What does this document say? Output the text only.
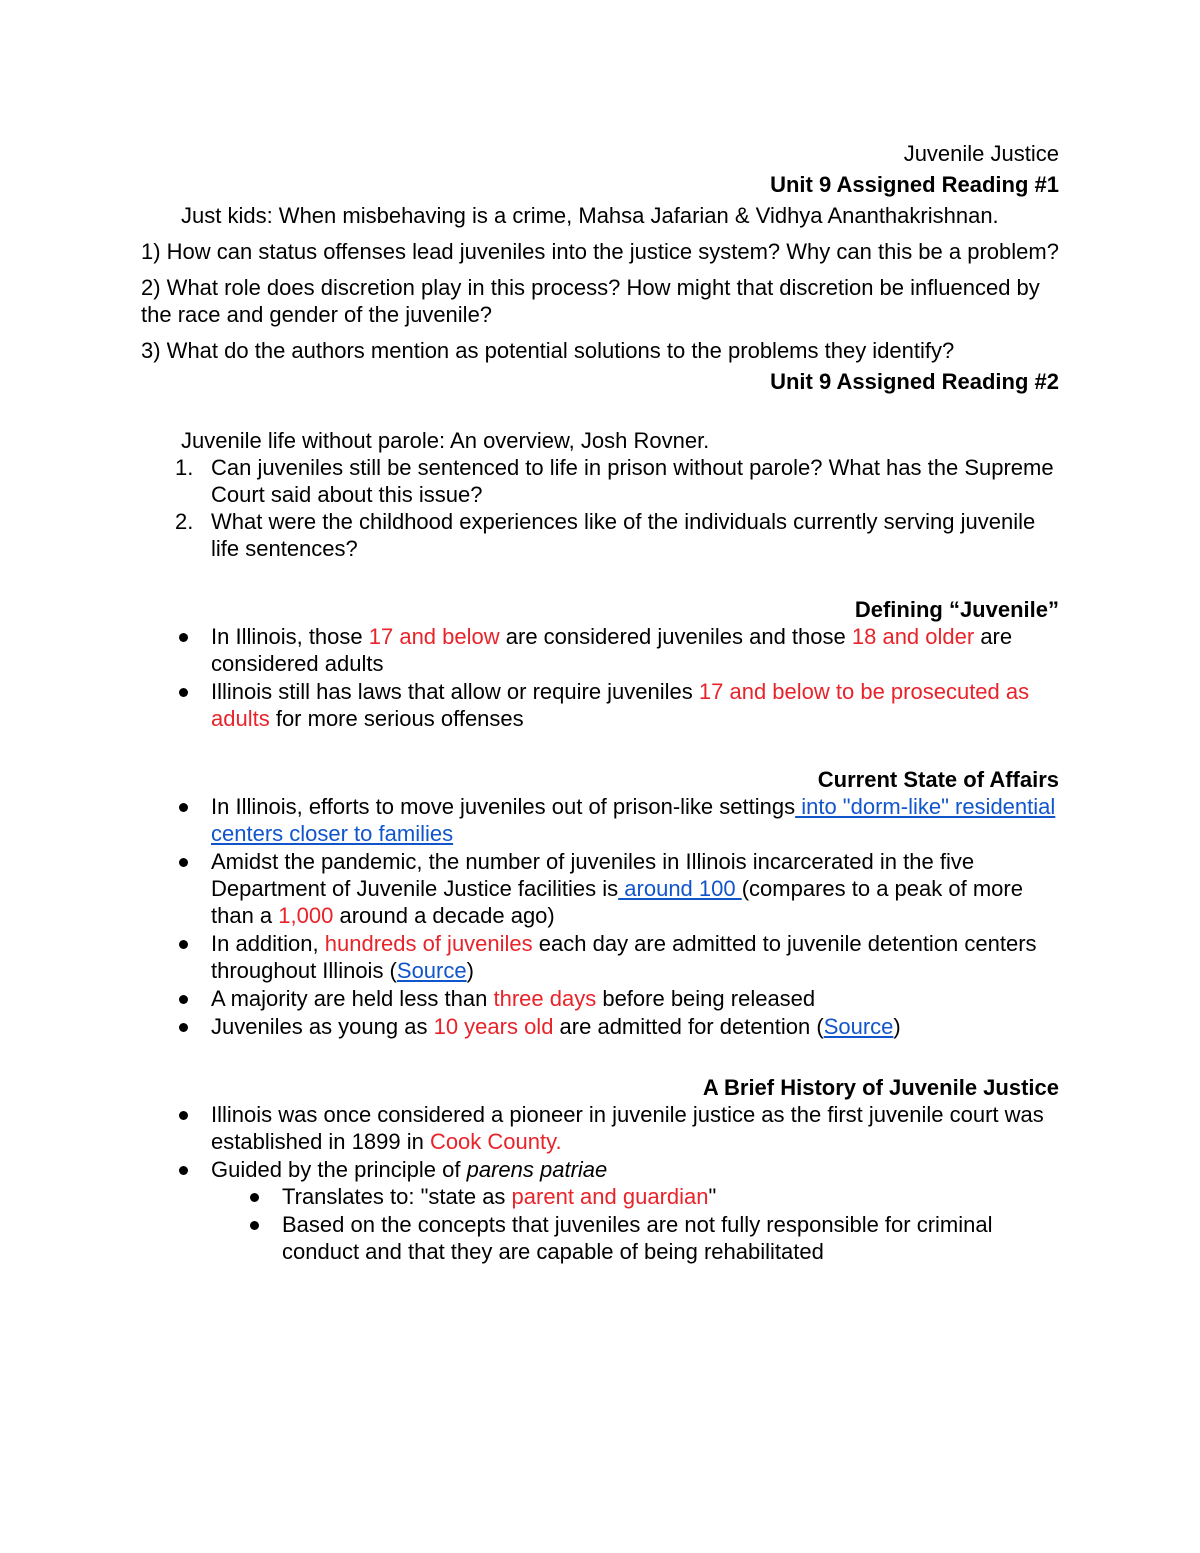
Juvenile Justice
Unit 9 Assigned Reading #1
Just kids: When misbehaving is a crime, Mahsa Jafarian & Vidhya Ananthakrishnan.
1) How can status offenses lead juveniles into the justice system? Why can this be a problem?
2) What role does discretion play in this process? How might that discretion be influenced by the race and gender of the juvenile?
3) What do the authors mention as potential solutions to the problems they identify?
Unit 9 Assigned Reading #2
Juvenile life without parole: An overview, Josh Rovner.
1. Can juveniles still be sentenced to life in prison without parole? What has the Supreme Court said about this issue?
2. What were the childhood experiences like of the individuals currently serving juvenile life sentences?
Defining “Juvenile”
In Illinois, those 17 and below are considered juveniles and those 18 and older are considered adults
Illinois still has laws that allow or require juveniles 17 and below to be prosecuted as adults for more serious offenses
Current State of Affairs
In Illinois, efforts to move juveniles out of prison-like settings into "dorm-like" residential centers closer to families
Amidst the pandemic, the number of juveniles in Illinois incarcerated in the five Department of Juvenile Justice facilities is around 100 (compares to a peak of more than a 1,000 around a decade ago)
In addition, hundreds of juveniles each day are admitted to juvenile detention centers throughout Illinois (Source)
A majority are held less than three days before being released
Juveniles as young as 10 years old are admitted for detention (Source)
A Brief History of Juvenile Justice
Illinois was once considered a pioneer in juvenile justice as the first juvenile court was established in 1899 in Cook County.
Guided by the principle of parens patriae
Translates to: "state as parent and guardian"
Based on the concepts that juveniles are not fully responsible for criminal conduct and that they are capable of being rehabilitated
